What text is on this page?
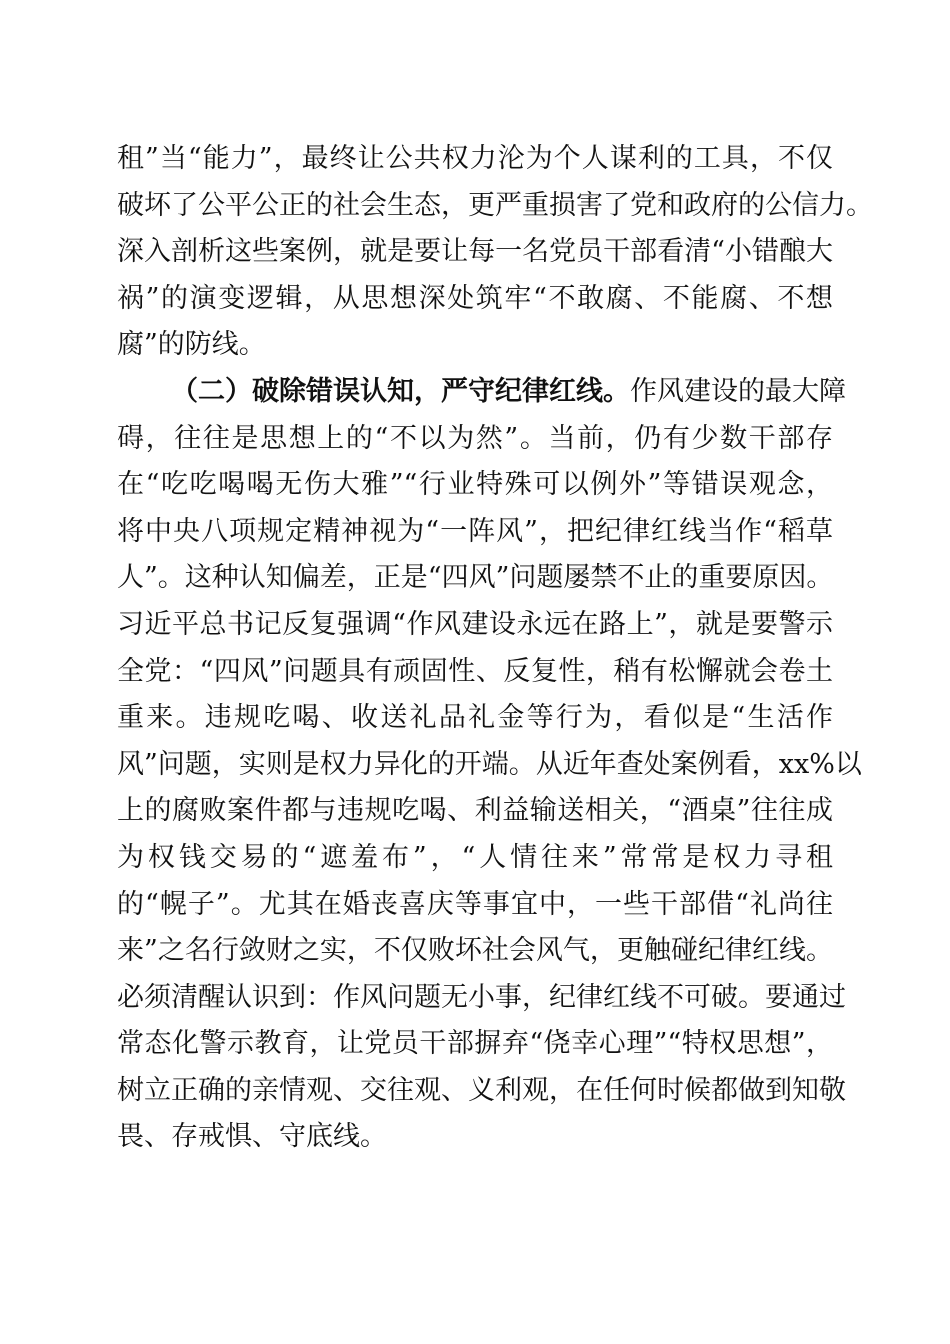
租”当“能力”，最终让公共权力沦为个人谋利的工具，不仅
破坏了公平公正的社会生态，更严重损害了党和政府的公信力。
深入剖析这些案例，就是要让每一名党员干部看清“小错酿大
祸”的演变逻辑，从思想深处筑牢“不敢腐、不能腐、不想
腐”的防线。
（二）破除错误认知，严守纪律红线。作风建设的最大障
碍，往往是思想上的“不以为然”。当前，仍有少数干部存
在“吃吃喝喝无伤大雅”“行业特殊可以例外”等错误观念，
将中央八项规定精神视为“一阵风”，把纪律红线当作“稻草
人”。这种认知偏差，正是“四风”问题屡禁不止的重要原因。
习近平总书记反复强调“作风建设永远在路上”，就是要警示
全党：“四风”问题具有顽固性、反复性，稍有松懈就会卷土
重来。违规吃喝、收送礼品礼金等行为，看似是“生活作
风”问题，实则是权力异化的开端。从近年查处案例看，xx%以
上的腐败案件都与违规吃喝、利益输送相关，“酒桌”往往成
为权钱交易的“遮羞布”，“人情往来”常常是权力寻租
的“幌子”。尤其在婚丧喜庆等事宜中，一些干部借“礼尚往
来”之名行敛财之实，不仅败坏社会风气，更触碰纪律红线。
必须清醒认识到：作风问题无小事，纪律红线不可破。要通过
常态化警示教育，让党员干部摒弃“侥幸心理”“特权思想”，
树立正确的亲情观、交往观、义利观，在任何时候都做到知敬
畏、存戒惧、守底线。
